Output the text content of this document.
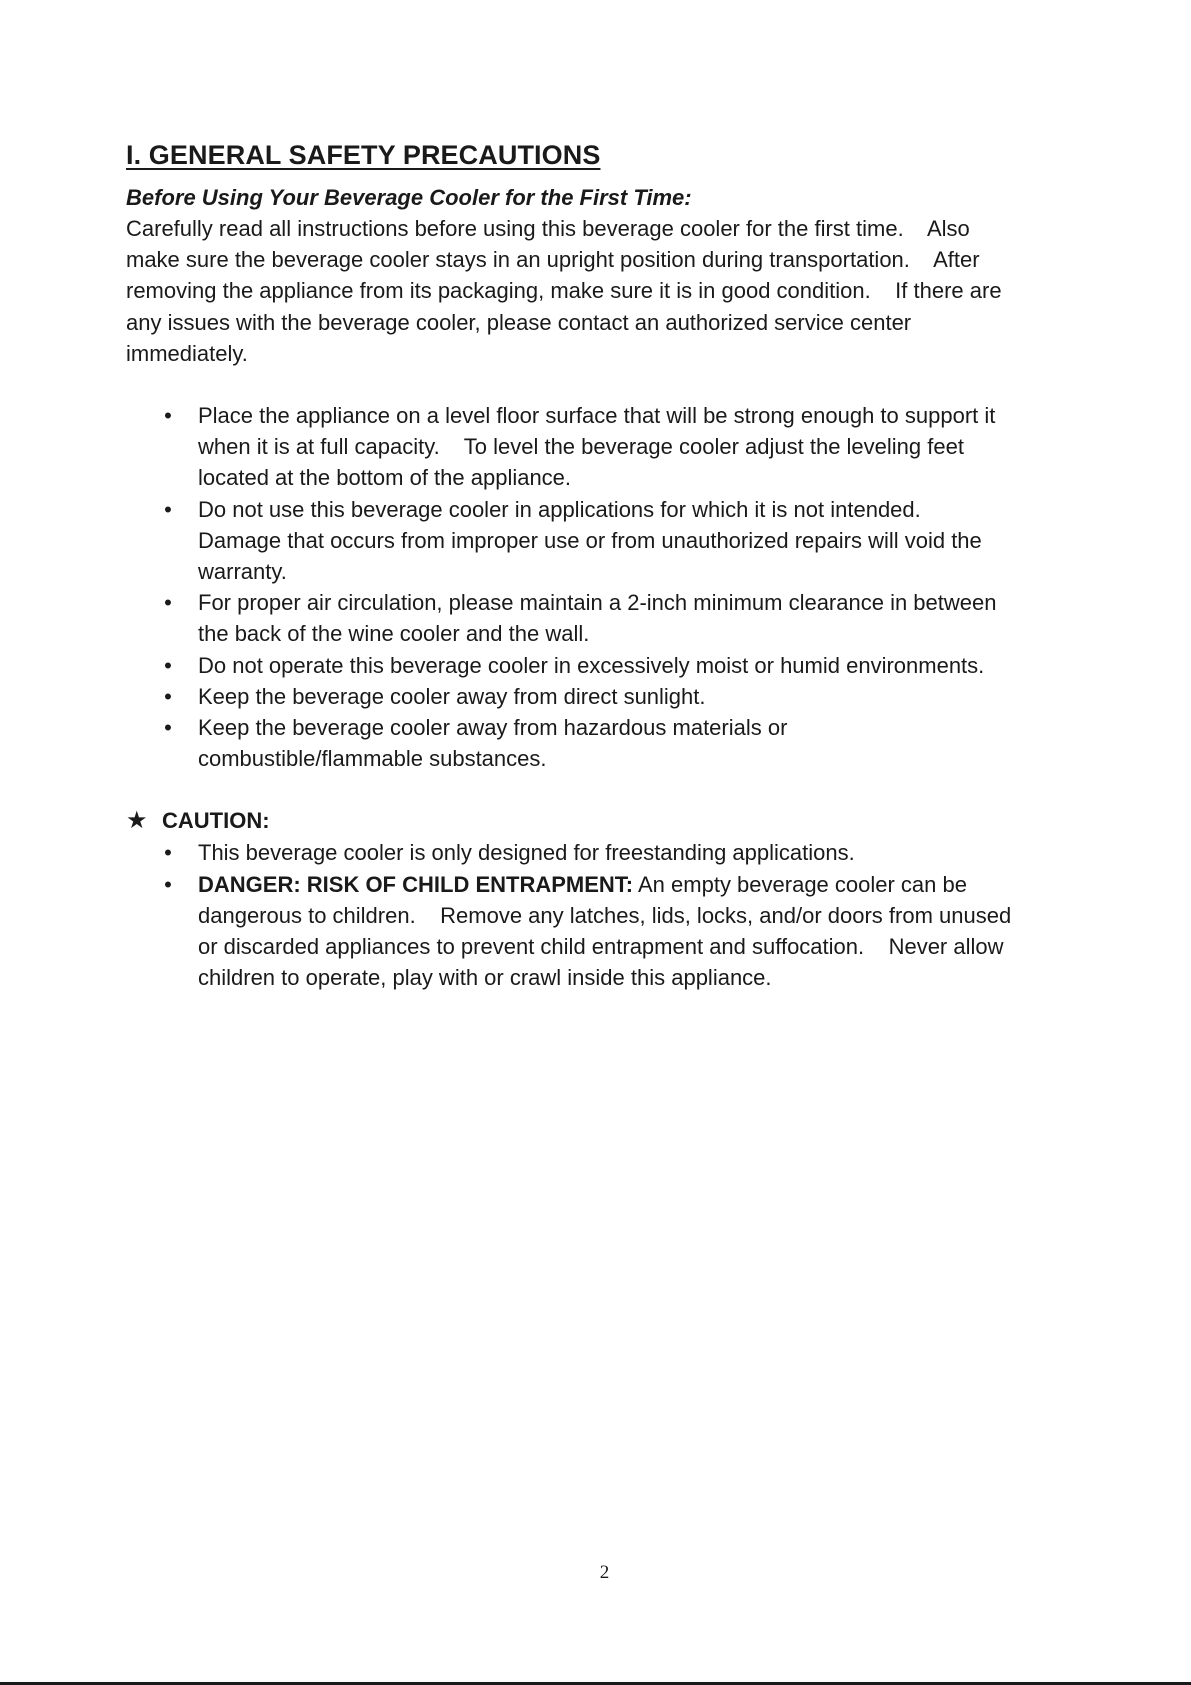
I. GENERAL SAFETY PRECAUTIONS

Before Using Your Beverage Cooler for the First Time:

Carefully read all instructions before using this beverage cooler for the first time.    Also
make sure the beverage cooler stays in an upright position during transportation.    After
removing the appliance from its packaging, make sure it is in good condition.    If there are
any issues with the beverage cooler, please contact an authorized service center
immediately.

• Place the appliance on a level floor surface that will be strong enough to support it
when it is at full capacity.    To level the beverage cooler adjust the leveling feet
located at the bottom of the appliance.
• Do not use this beverage cooler in applications for which it is not intended.
Damage that occurs from improper use or from unauthorized repairs will void the
warranty.
• For proper air circulation, please maintain a 2-inch minimum clearance in between
the back of the wine cooler and the wall.
• Do not operate this beverage cooler in excessively moist or humid environments.
• Keep the beverage cooler away from direct sunlight.
• Keep the beverage cooler away from hazardous materials or
combustible/flammable substances.

★ CAUTION:

• This beverage cooler is only designed for freestanding applications.
• DANGER: RISK OF CHILD ENTRAPMENT: An empty beverage cooler can be
dangerous to children.    Remove any latches, lids, locks, and/or doors from unused
or discarded appliances to prevent child entrapment and suffocation.    Never allow
children to operate, play with or crawl inside this appliance.
2
